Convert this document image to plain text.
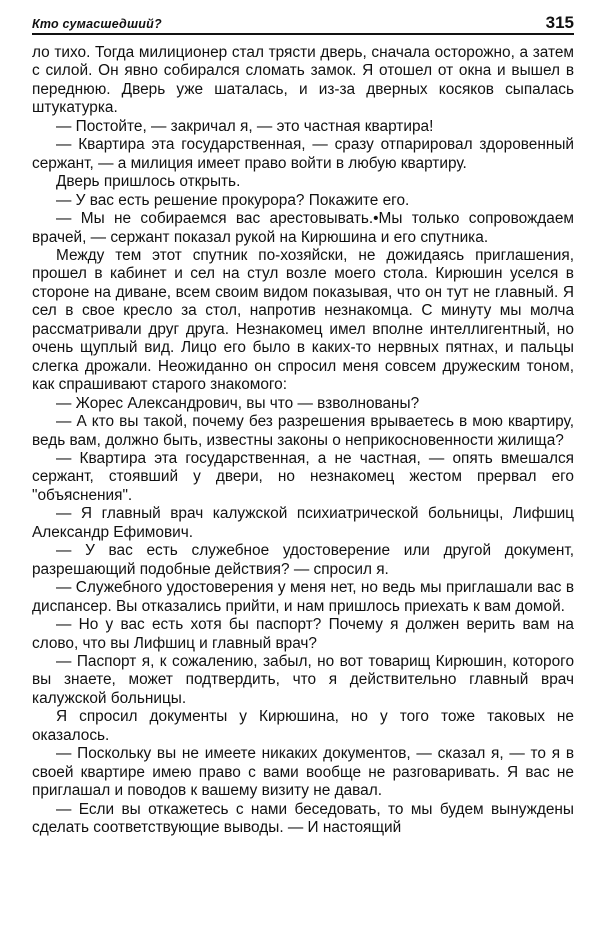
Кто сумасшедший?	315

ло тихо. Тогда милиционер стал трясти дверь, сначала осторожно, а затем с силой. Он явно собирался сломать замок. Я отошел от окна и вышел в переднюю. Дверь уже шаталась, и из-за дверных косяков сыпалась штукатурка.

— Постойте, — закричал я, — это частная квартира!

— Квартира эта государственная, — сразу отпарировал здоровенный сержант, — а милиция имеет право войти в любую квартиру.

Дверь пришлось открыть.

— У вас есть решение прокурора? Покажите его.

— Мы не собираемся вас арестовывать.•Мы только сопровождаем врачей, — сержант показал рукой на Кирюшина и его спутника.

Между тем этот спутник по-хозяйски, не дожидаясь приглашения, прошел в кабинет и сел на стул возле моего стола. Кирюшин уселся в стороне на диване, всем своим видом показывая, что он тут не главный. Я сел в свое кресло за стол, напротив незнакомца. С минуту мы молча рассматривали друг друга. Незнакомец имел вполне интеллигентный, но очень щуплый вид. Лицо его было в каких-то нервных пятнах, и пальцы слегка дрожали. Неожиданно он спросил меня совсем дружеским тоном, как спрашивают старого знакомого:

— Жорес Александрович, вы что — взволнованы?

— А кто вы такой, почему без разрешения врываетесь в мою квартиру, ведь вам, должно быть, известны законы о неприкосновенности жилища?

— Квартира эта государственная, а не частная, — опять вмешался сержант, стоявший у двери, но незнакомец жестом прервал его "объяснения".

— Я главный врач калужской психиатрической больницы, Лифшиц Александр Ефимович.

— У вас есть служебное удостоверение или другой документ, разрешающий подобные действия? — спросил я.

— Служебного удостоверения у меня нет, но ведь мы приглашали вас в диспансер. Вы отказались прийти, и нам пришлось приехать к вам домой.

— Но у вас есть хотя бы паспорт? Почему я должен верить вам на слово, что вы Лифшиц и главный врач?

— Паспорт я, к сожалению, забыл, но вот товарищ Кирюшин, которого вы знаете, может подтвердить, что я действительно главный врач калужской больницы.

Я спросил документы у Кирюшина, но у того тоже таковых не оказалось.

— Поскольку вы не имеете никаких документов, — сказал я, — то я в своей квартире имею право с вами вообще не разговаривать. Я вас не приглашал и поводов к вашему визиту не давал.

— Если вы откажетесь с нами беседовать, то мы будем вынуждены сделать соответствующие выводы. — И настоящий
